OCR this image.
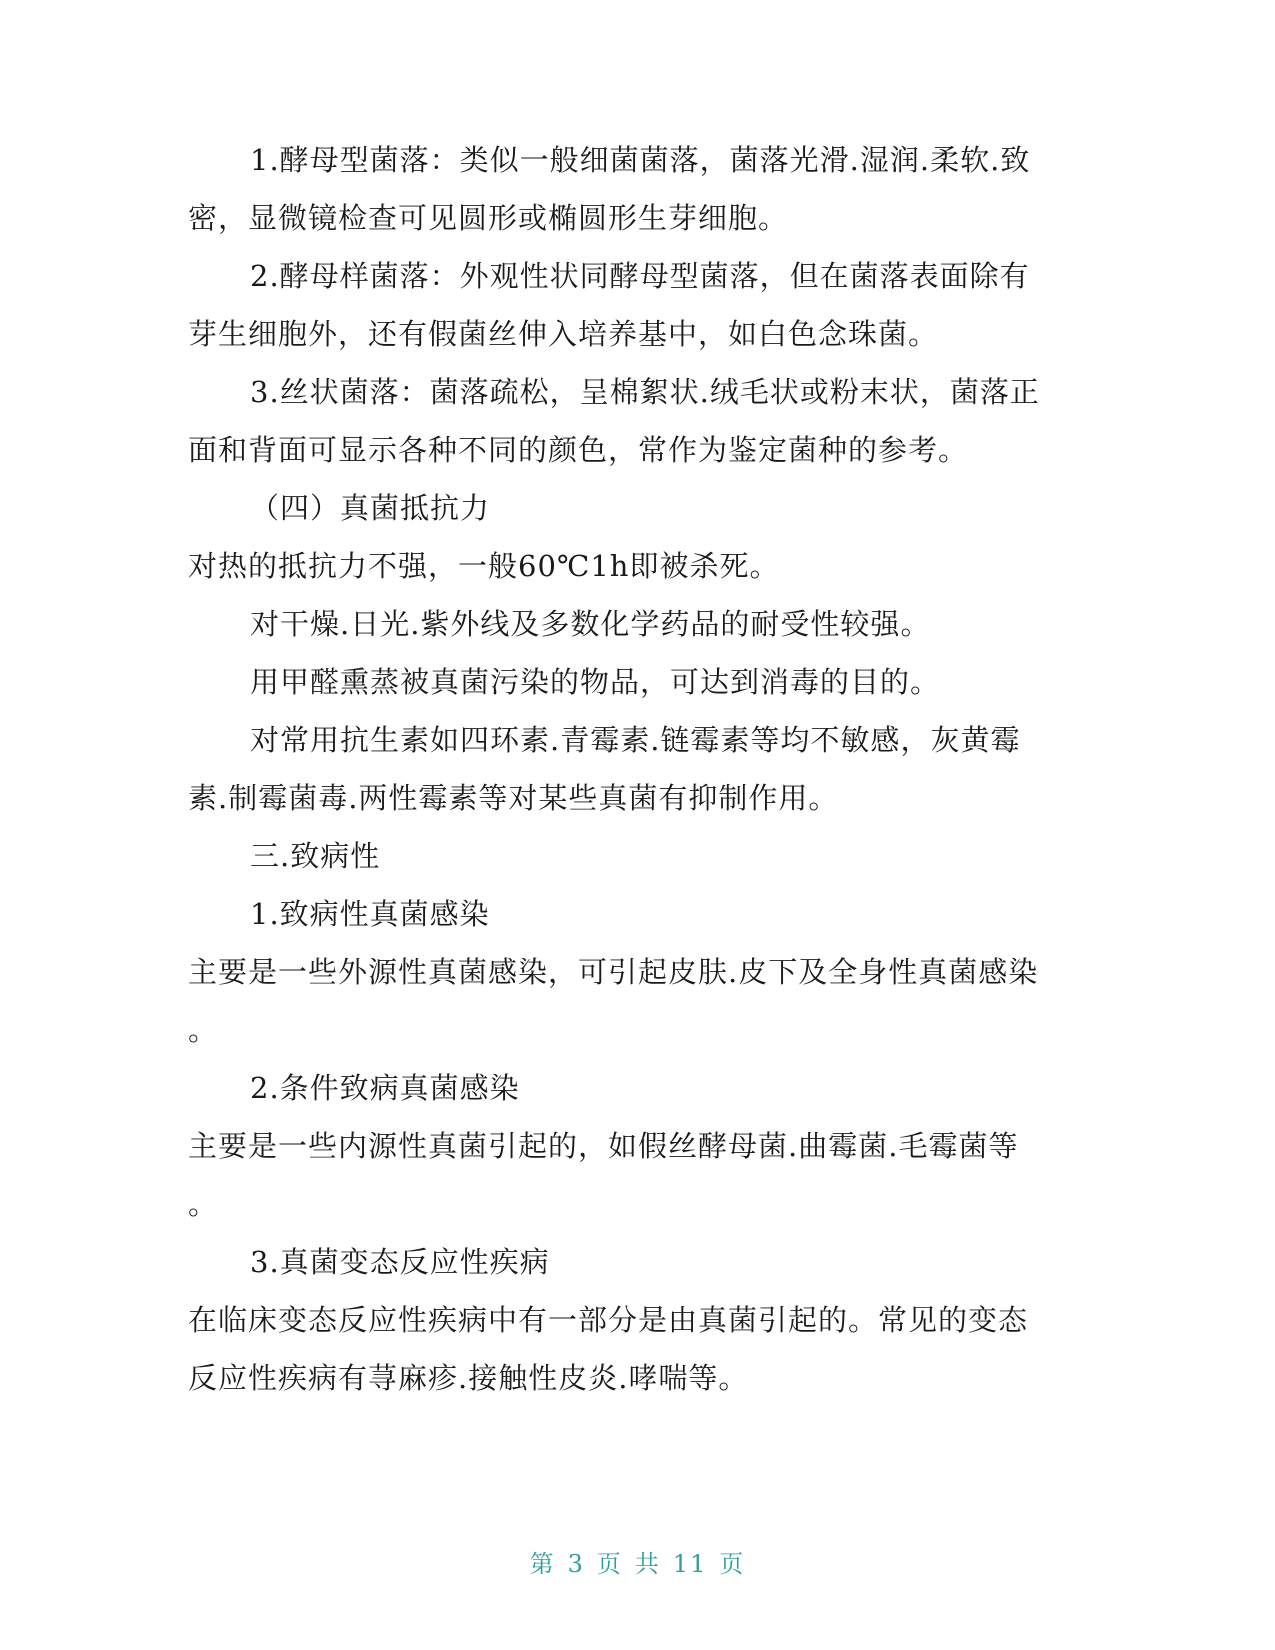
1.酵母型菌落：类似一般细菌菌落，菌落光滑.湿润.柔软.致
密，显微镜检查可见圆形或椭圆形生芽细胞。
2.酵母样菌落：外观性状同酵母型菌落，但在菌落表面除有
芽生细胞外，还有假菌丝伸入培养基中，如白色念珠菌。
3.丝状菌落：菌落疏松，呈棉絮状.绒毛状或粉末状，菌落正
面和背面可显示各种不同的颜色，常作为鉴定菌种的参考。
（四）真菌抵抗力
对热的抵抗力不强，一般60℃1h即被杀死。
对干燥.日光.紫外线及多数化学药品的耐受性较强。
用甲醛熏蒸被真菌污染的物品，可达到消毒的目的。
对常用抗生素如四环素.青霉素.链霉素等均不敏感，灰黄霉
素.制霉菌毒.两性霉素等对某些真菌有抑制作用。
三.致病性
1.致病性真菌感染
主要是一些外源性真菌感染，可引起皮肤.皮下及全身性真菌感染
。
2.条件致病真菌感染
主要是一些内源性真菌引起的，如假丝酵母菌.曲霉菌.毛霉菌等
。
3.真菌变态反应性疾病
在临床变态反应性疾病中有一部分是由真菌引起的。常见的变态
反应性疾病有荨麻疹.接触性皮炎.哮喘等。
第 3 页 共 11 页
